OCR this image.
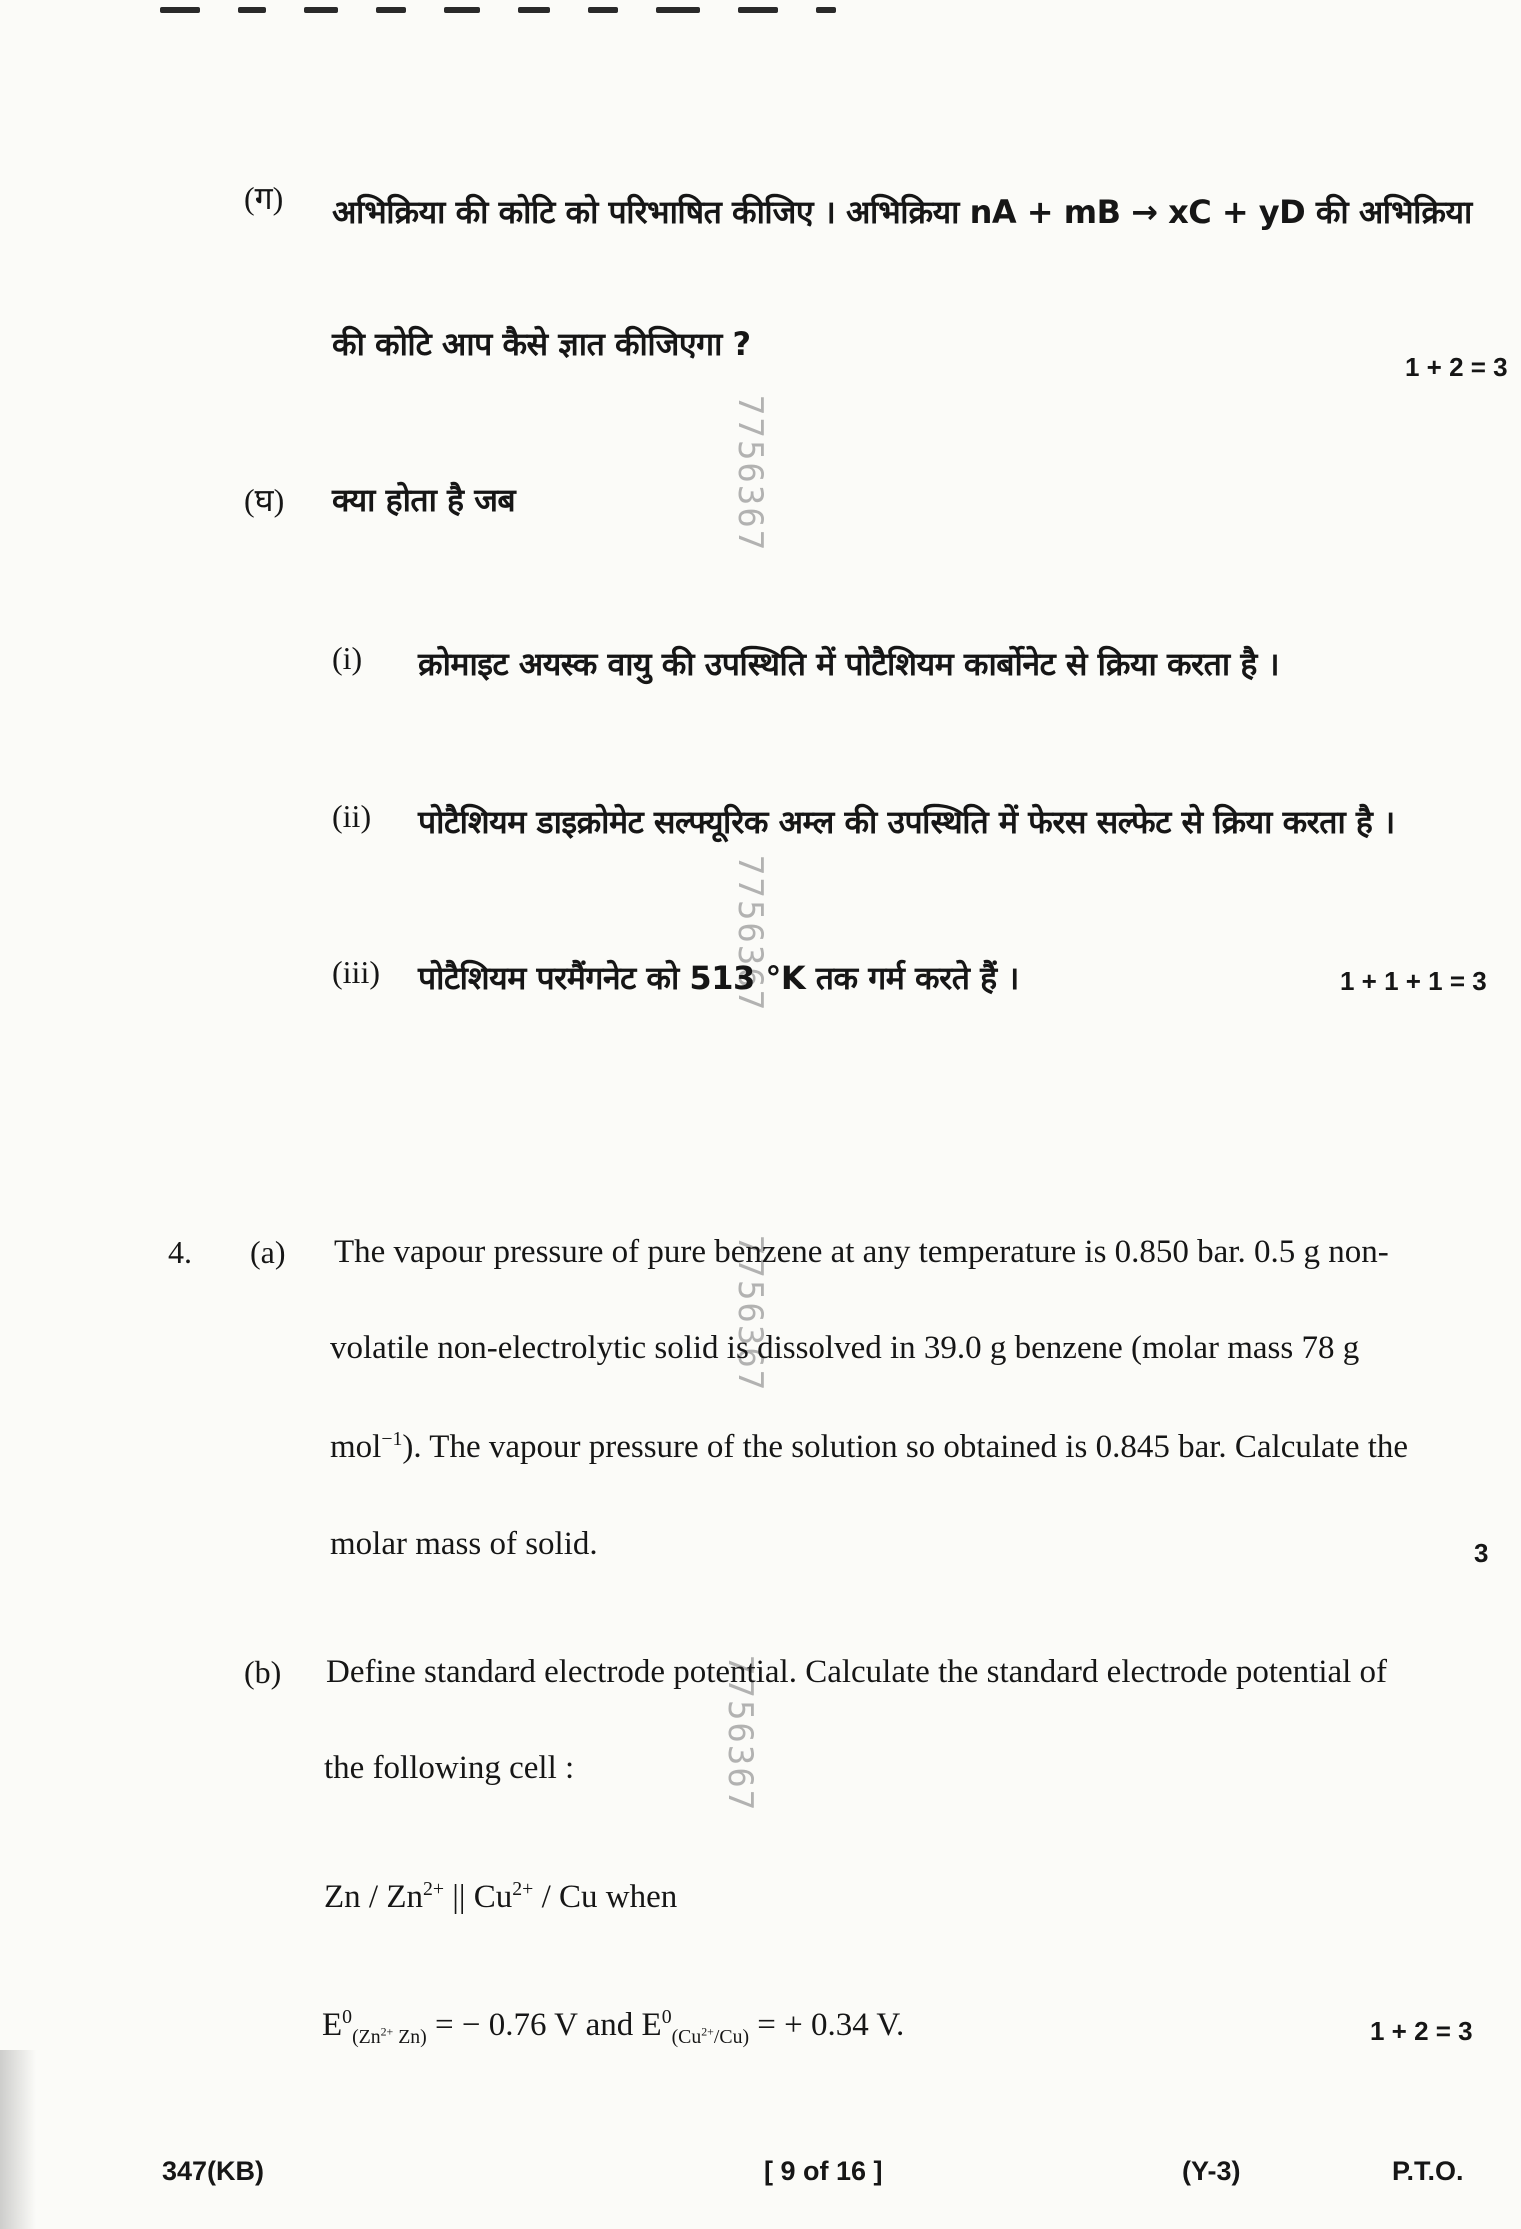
7756367
7756367
7756367
7756367
(ग) अभिक्रिया की कोटि को परिभाषित कीजिए । अभिक्रिया nA + mB → xC + yD की अभिक्रिया
की कोटि आप कैसे ज्ञात कीजिएगा ?
1 + 2 = 3
(घ) क्या होता है जब
(i) क्रोमाइट अयस्क वायु की उपस्थिति में पोटैशियम कार्बोनेट से क्रिया करता है ।
(ii) पोटैशियम डाइक्रोमेट सल्फ्यूरिक अम्ल की उपस्थिति में फेरस सल्फेट से क्रिया करता है ।
(iii) पोटैशियम परमैंगनेट को 513 °K तक गर्म करते हैं ।	1 + 1 + 1 = 3
4. (a) The vapour pressure of pure benzene at any temperature is 0.850 bar. 0.5 g non-
volatile non-electrolytic solid is dissolved in 39.0 g benzene (molar mass 78 g
mol$^{-1}$). The vapour pressure of the solution so obtained is 0.845 bar. Calculate the
molar mass of solid.	3
(b) Define standard electrode potential. Calculate the standard electrode potential of
the following cell :
Zn / $Zn^{2+}$ || $Cu^{2+}$ / Cu when
$E^0_{(Zn^{2+} Zn)}$ = − 0.76 V and $E^0_{(Cu^{2+}/Cu)}$ = + 0.34 V.	1 + 2 = 3
347(KB)	[ 9 of 16 ]	(Y-3)	P.T.O.
